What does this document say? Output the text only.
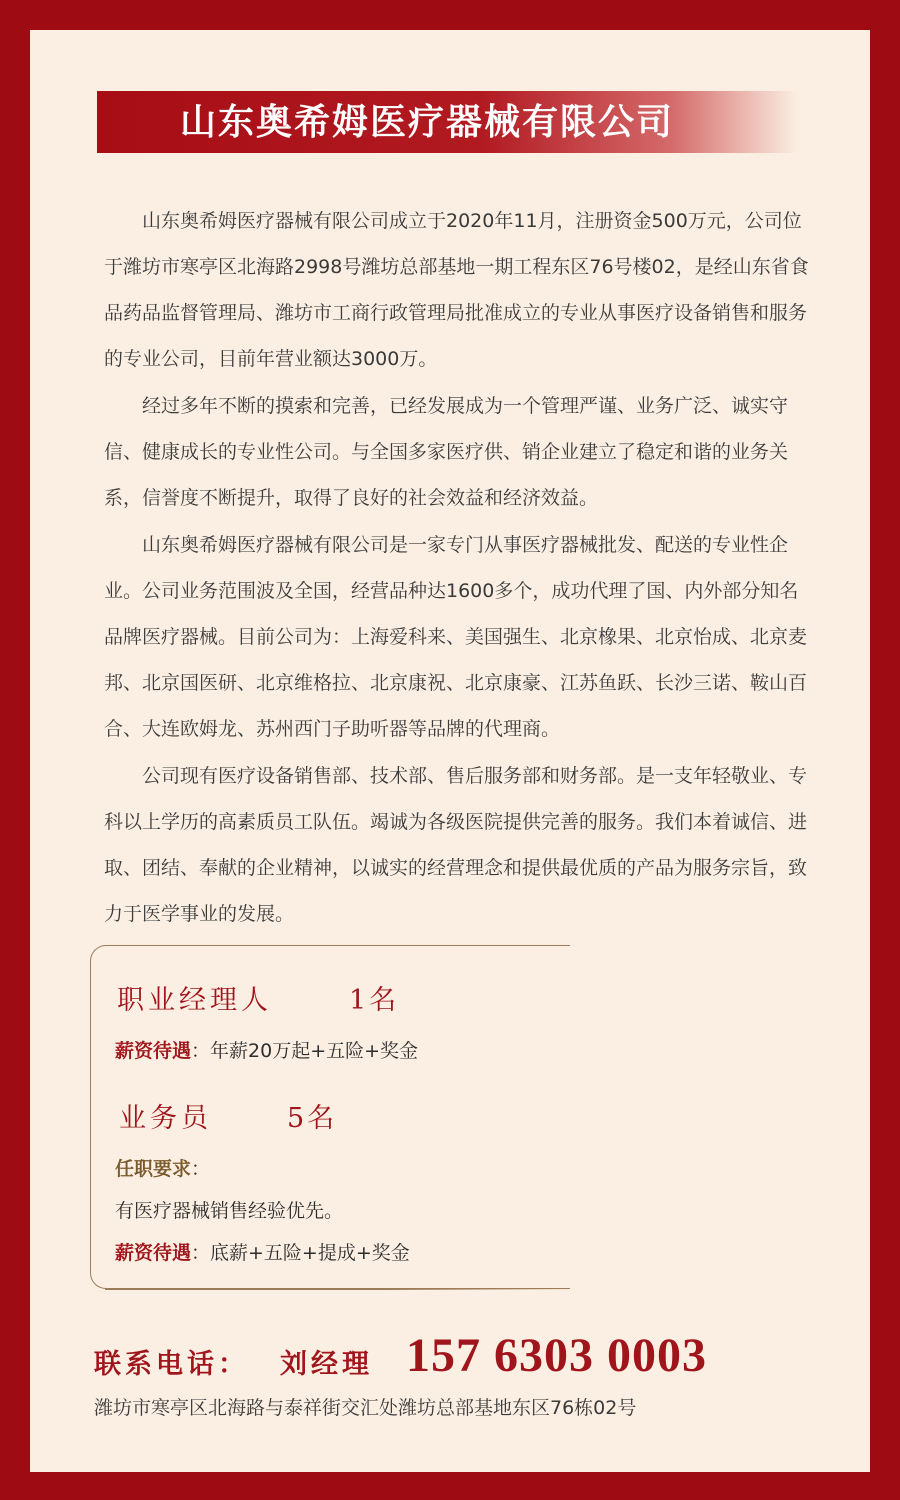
山东奥希姆医疗器械有限公司

山东奥希姆医疗器械有限公司成立于2020年11月，注册资金500万元，公司位于潍坊市寒亭区北海路2998号潍坊总部基地一期工程东区76号楼02，是经山东省食品药品监督管理局、潍坊市工商行政管理局批准成立的专业从事医疗设备销售和服务的专业公司，目前年营业额达3000万。

经过多年不断的摸索和完善，已经发展成为一个管理严谨、业务广泛、诚实守信、健康成长的专业性公司。与全国多家医疗供、销企业建立了稳定和谐的业务关系，信誉度不断提升，取得了良好的社会效益和经济效益。

山东奥希姆医疗器械有限公司是一家专门从事医疗器械批发、配送的专业性企业。公司业务范围波及全国，经营品种达1600多个，成功代理了国、内外部分知名品牌医疗器械。目前公司为：上海爱科来、美国强生、北京橡果、北京怡成、北京麦邦、北京国医研、北京维格拉、北京康祝、北京康豪、江苏鱼跃、长沙三诺、鞍山百合、大连欧姆龙、苏州西门子助听器等品牌的代理商。

公司现有医疗设备销售部、技术部、售后服务部和财务部。是一支年轻敬业、专科以上学历的高素质员工队伍。竭诚为各级医院提供完善的服务。我们本着诚信、进取、团结、奉献的企业精神，以诚实的经营理念和提供最优质的产品为服务宗旨，致力于医学事业的发展。

职业经理人	1名
薪资待遇：年薪20万起+五险+奖金
业务员	5名
任职要求：
有医疗器械销售经验优先。
薪资待遇：底薪+五险+提成+奖金
联系电话： 刘经理 157 6303 0003
潍坊市寒亭区北海路与泰祥街交汇处潍坊总部基地东区76栋02号
